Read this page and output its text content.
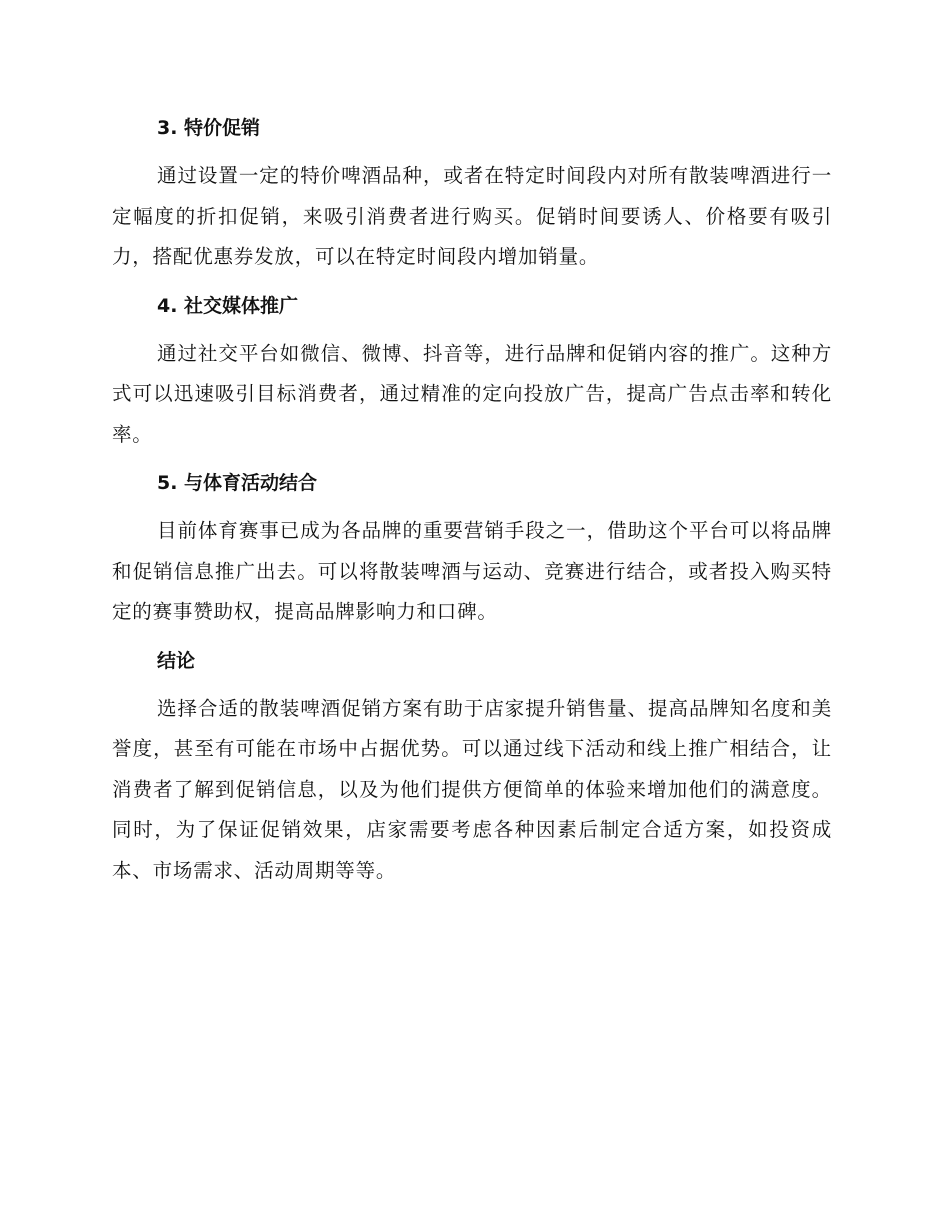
3. 特价促销

通过设置一定的特价啤酒品种，或者在特定时间段内对所有散装啤酒进行一定幅度的折扣促销，来吸引消费者进行购买。促销时间要诱人、价格要有吸引力，搭配优惠券发放，可以在特定时间段内增加销量。

4. 社交媒体推广

通过社交平台如微信、微博、抖音等，进行品牌和促销内容的推广。这种方式可以迅速吸引目标消费者，通过精准的定向投放广告，提高广告点击率和转化率。

5. 与体育活动结合

目前体育赛事已成为各品牌的重要营销手段之一，借助这个平台可以将品牌和促销信息推广出去。可以将散装啤酒与运动、竞赛进行结合，或者投入购买特定的赛事赞助权，提高品牌影响力和口碑。

结论

选择合适的散装啤酒促销方案有助于店家提升销售量、提高品牌知名度和美誉度，甚至有可能在市场中占据优势。可以通过线下活动和线上推广相结合，让消费者了解到促销信息，以及为他们提供方便简单的体验来增加他们的满意度。同时，为了保证促销效果，店家需要考虑各种因素后制定合适方案，如投资成本、市场需求、活动周期等等。
